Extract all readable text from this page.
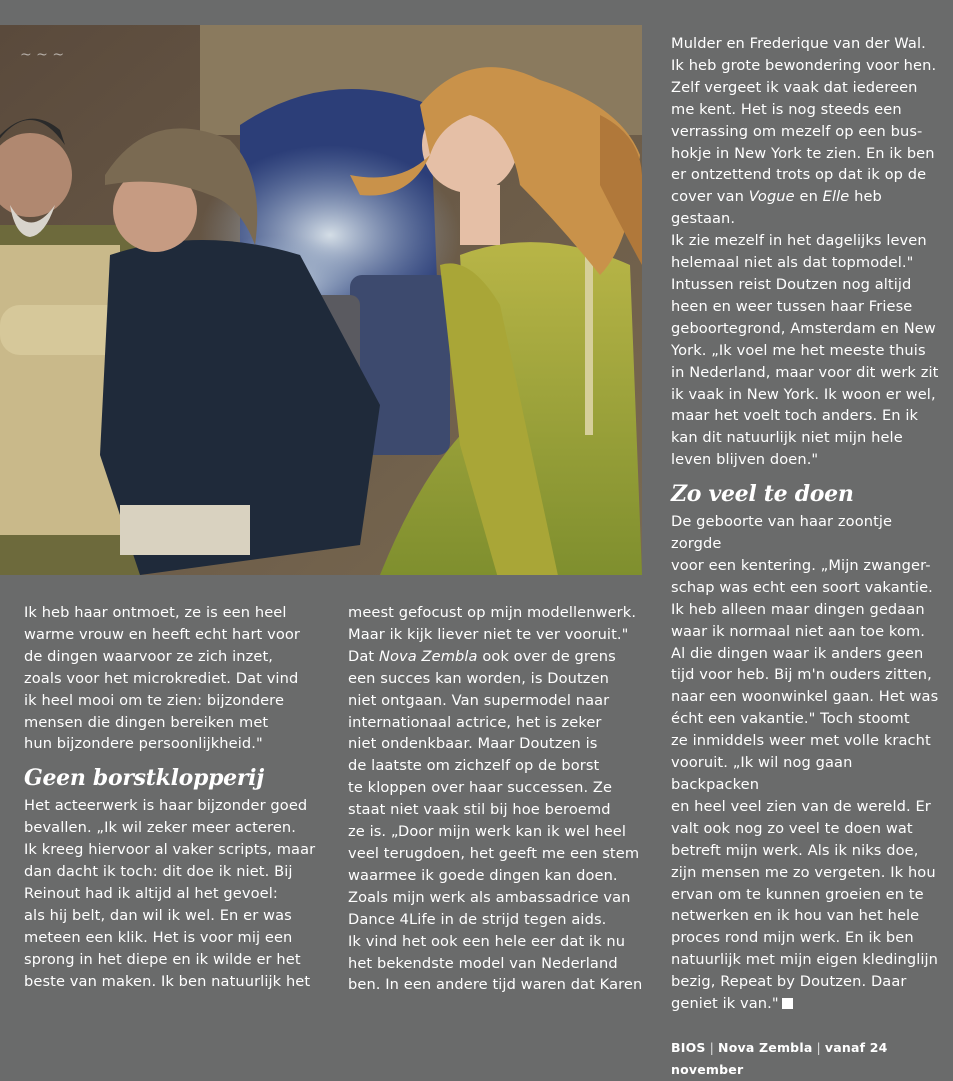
~ ~ ~

Mulder en Frederique van der Wal.
Ik heb grote bewondering voor hen.
Zelf vergeet ik vaak dat iedereen
me kent. Het is nog steeds een
verrassing om mezelf op een bus-
hokje in New York te zien. En ik ben
er ontzettend trots op dat ik op de
cover van Vogue en Elle heb gestaan.
Ik zie mezelf in het dagelijks leven
helemaal niet als dat topmodel."
Intussen reist Doutzen nog altijd
heen en weer tussen haar Friese
geboortegrond, Amsterdam en New
York. „Ik voel me het meeste thuis
in Nederland, maar voor dit werk zit
ik vaak in New York. Ik woon er wel,
maar het voelt toch anders. En ik
kan dit natuurlijk niet mijn hele
leven blijven doen."

Zo veel te doen

De geboorte van haar zoontje zorgde
voor een kentering. „Mijn zwanger-
schap was echt een soort vakantie.
Ik heb alleen maar dingen gedaan
waar ik normaal niet aan toe kom.
Al die dingen waar ik anders geen
tijd voor heb. Bij m'n ouders zitten,
naar een woonwinkel gaan. Het was
écht een vakantie." Toch stoomt
ze inmiddels weer met volle kracht
vooruit. „Ik wil nog gaan backpacken
en heel veel zien van de wereld. Er
valt ook nog zo veel te doen wat
betreft mijn werk. Als ik niks doe,
zijn mensen me zo vergeten. Ik hou
ervan om te kunnen groeien en te
netwerken en ik hou van het hele
proces rond mijn werk. En ik ben
natuurlijk met mijn eigen kledinglijn
bezig, Repeat by Doutzen. Daar
geniet ik van."

BIOS | Nova Zembla | vanaf 24 november

Ik heb haar ontmoet, ze is een heel
warme vrouw en heeft echt hart voor
de dingen waarvoor ze zich inzet,
zoals voor het microkrediet. Dat vind
ik heel mooi om te zien: bijzondere
mensen die dingen bereiken met
hun bijzondere persoonlijkheid."

Geen borstklopperij

Het acteerwerk is haar bijzonder goed
bevallen. „Ik wil zeker meer acteren.
Ik kreeg hiervoor al vaker scripts, maar
dan dacht ik toch: dit doe ik niet. Bij
Reinout had ik altijd al het gevoel:
als hij belt, dan wil ik wel. En er was
meteen een klik. Het is voor mij een
sprong in het diepe en ik wilde er het
beste van maken. Ik ben natuurlijk het

meest gefocust op mijn modellenwerk.
Maar ik kijk liever niet te ver vooruit."
Dat Nova Zembla ook over de grens
een succes kan worden, is Doutzen
niet ontgaan. Van supermodel naar
internationaal actrice, het is zeker
niet ondenkbaar. Maar Doutzen is
de laatste om zichzelf op de borst
te kloppen over haar successen. Ze
staat niet vaak stil bij hoe beroemd
ze is. „Door mijn werk kan ik wel heel
veel terugdoen, het geeft me een stem
waarmee ik goede dingen kan doen.
Zoals mijn werk als ambassadrice van
Dance 4Life in de strijd tegen aids.
Ik vind het ook een hele eer dat ik nu
het bekendste model van Nederland
ben. In een andere tijd waren dat Karen
